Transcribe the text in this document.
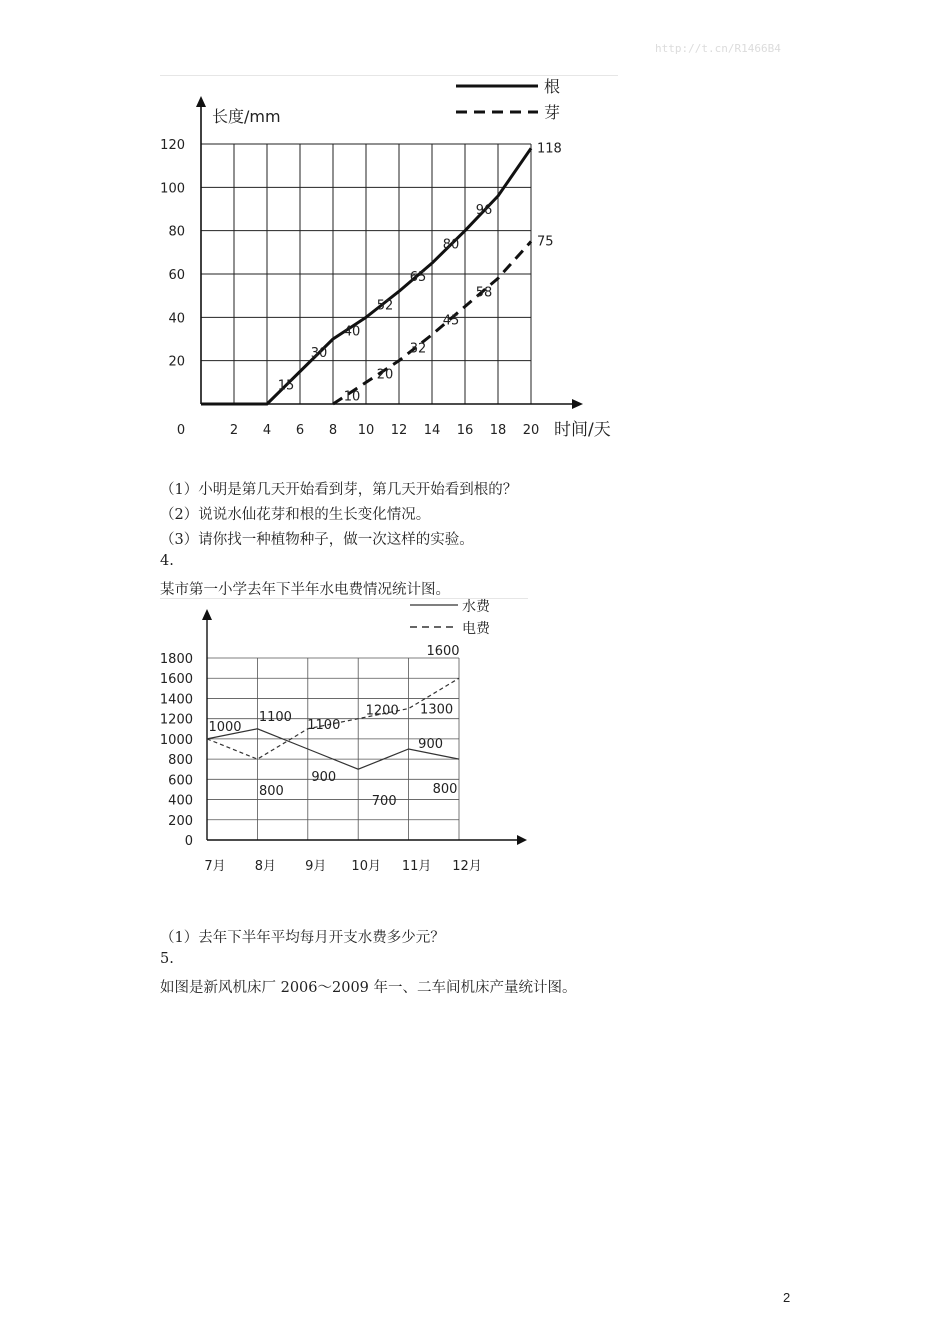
http://t.cn/R1466B4
20
40
60
80
100
120
0	2 4 6 8 10 12 14 16 18 20
长度/mm
时间/天
15
30
40
52
65
80
96
118
10
20
32
45
58
75
根
芽
（1）小明是第几天开始看到芽，第几天开始看到根的？
（2）说说水仙花芽和根的生长变化情况。
（3）请你找一种植物种子，做一次这样的实验。
4.
某市第一小学去年下半年水电费情况统计图。
0
200
400
600
800
1000
1200
1400
1600
1800
7月 8月 9月 10月 11月 12月
1000
1100
900
700
900
800
800
1100
1200 1300
1600
水费
电费
（1）去年下半年平均每月开支水费多少元？
5.
如图是新风机床厂 2006～2009 年一、二车间机床产量统计图。
2
